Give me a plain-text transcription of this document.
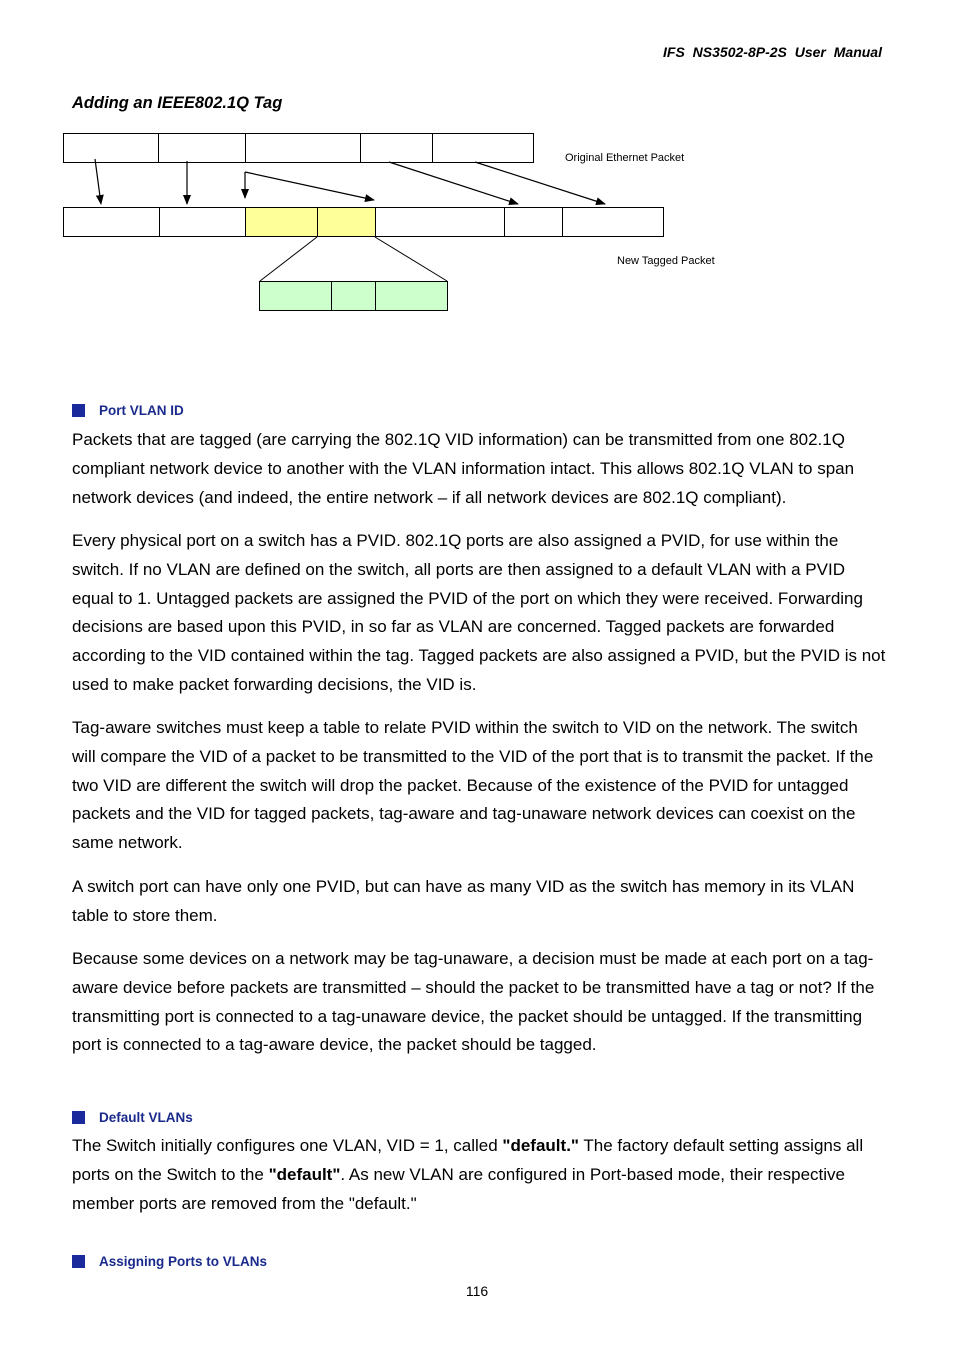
IFS NS3502-8P-2S User Manual
Adding an IEEE802.1Q Tag
Original Ethernet Packet
New Tagged Packet
Port VLAN ID

Packets that are tagged (are carrying the 802.1Q VID information) can be transmitted from one 802.1Q compliant network device to another with the VLAN information intact. This allows 802.1Q VLAN to span network devices (and indeed, the entire network – if all network devices are 802.1Q compliant).

Every physical port on a switch has a PVID. 802.1Q ports are also assigned a PVID, for use within the switch. If no VLAN are defined on the switch, all ports are then assigned to a default VLAN with a PVID equal to 1. Untagged packets are assigned the PVID of the port on which they were received. Forwarding decisions are based upon this PVID, in so far as VLAN are concerned. Tagged packets are forwarded according to the VID contained within the tag. Tagged packets are also assigned a PVID, but the PVID is not used to make packet forwarding decisions, the VID is.

Tag-aware switches must keep a table to relate PVID within the switch to VID on the network. The switch will compare the VID of a packet to be transmitted to the VID of the port that is to transmit the packet. If the two VID are different the switch will drop the packet. Because of the existence of the PVID for untagged packets and the VID for tagged packets, tag-aware and tag-unaware network devices can coexist on the same network.

A switch port can have only one PVID, but can have as many VID as the switch has memory in its VLAN table to store them.

Because some devices on a network may be tag-unaware, a decision must be made at each port on a tag-aware device before packets are transmitted – should the packet to be transmitted have a tag or not? If the transmitting port is connected to a tag-unaware device, the packet should be untagged. If the transmitting port is connected to a tag-aware device, the packet should be tagged.

Default VLANs

The Switch initially configures one VLAN, VID = 1, called "default." The factory default setting assigns all ports on the Switch to the "default". As new VLAN are configured in Port-based mode, their respective member ports are removed from the "default."

Assigning Ports to VLANs
116
